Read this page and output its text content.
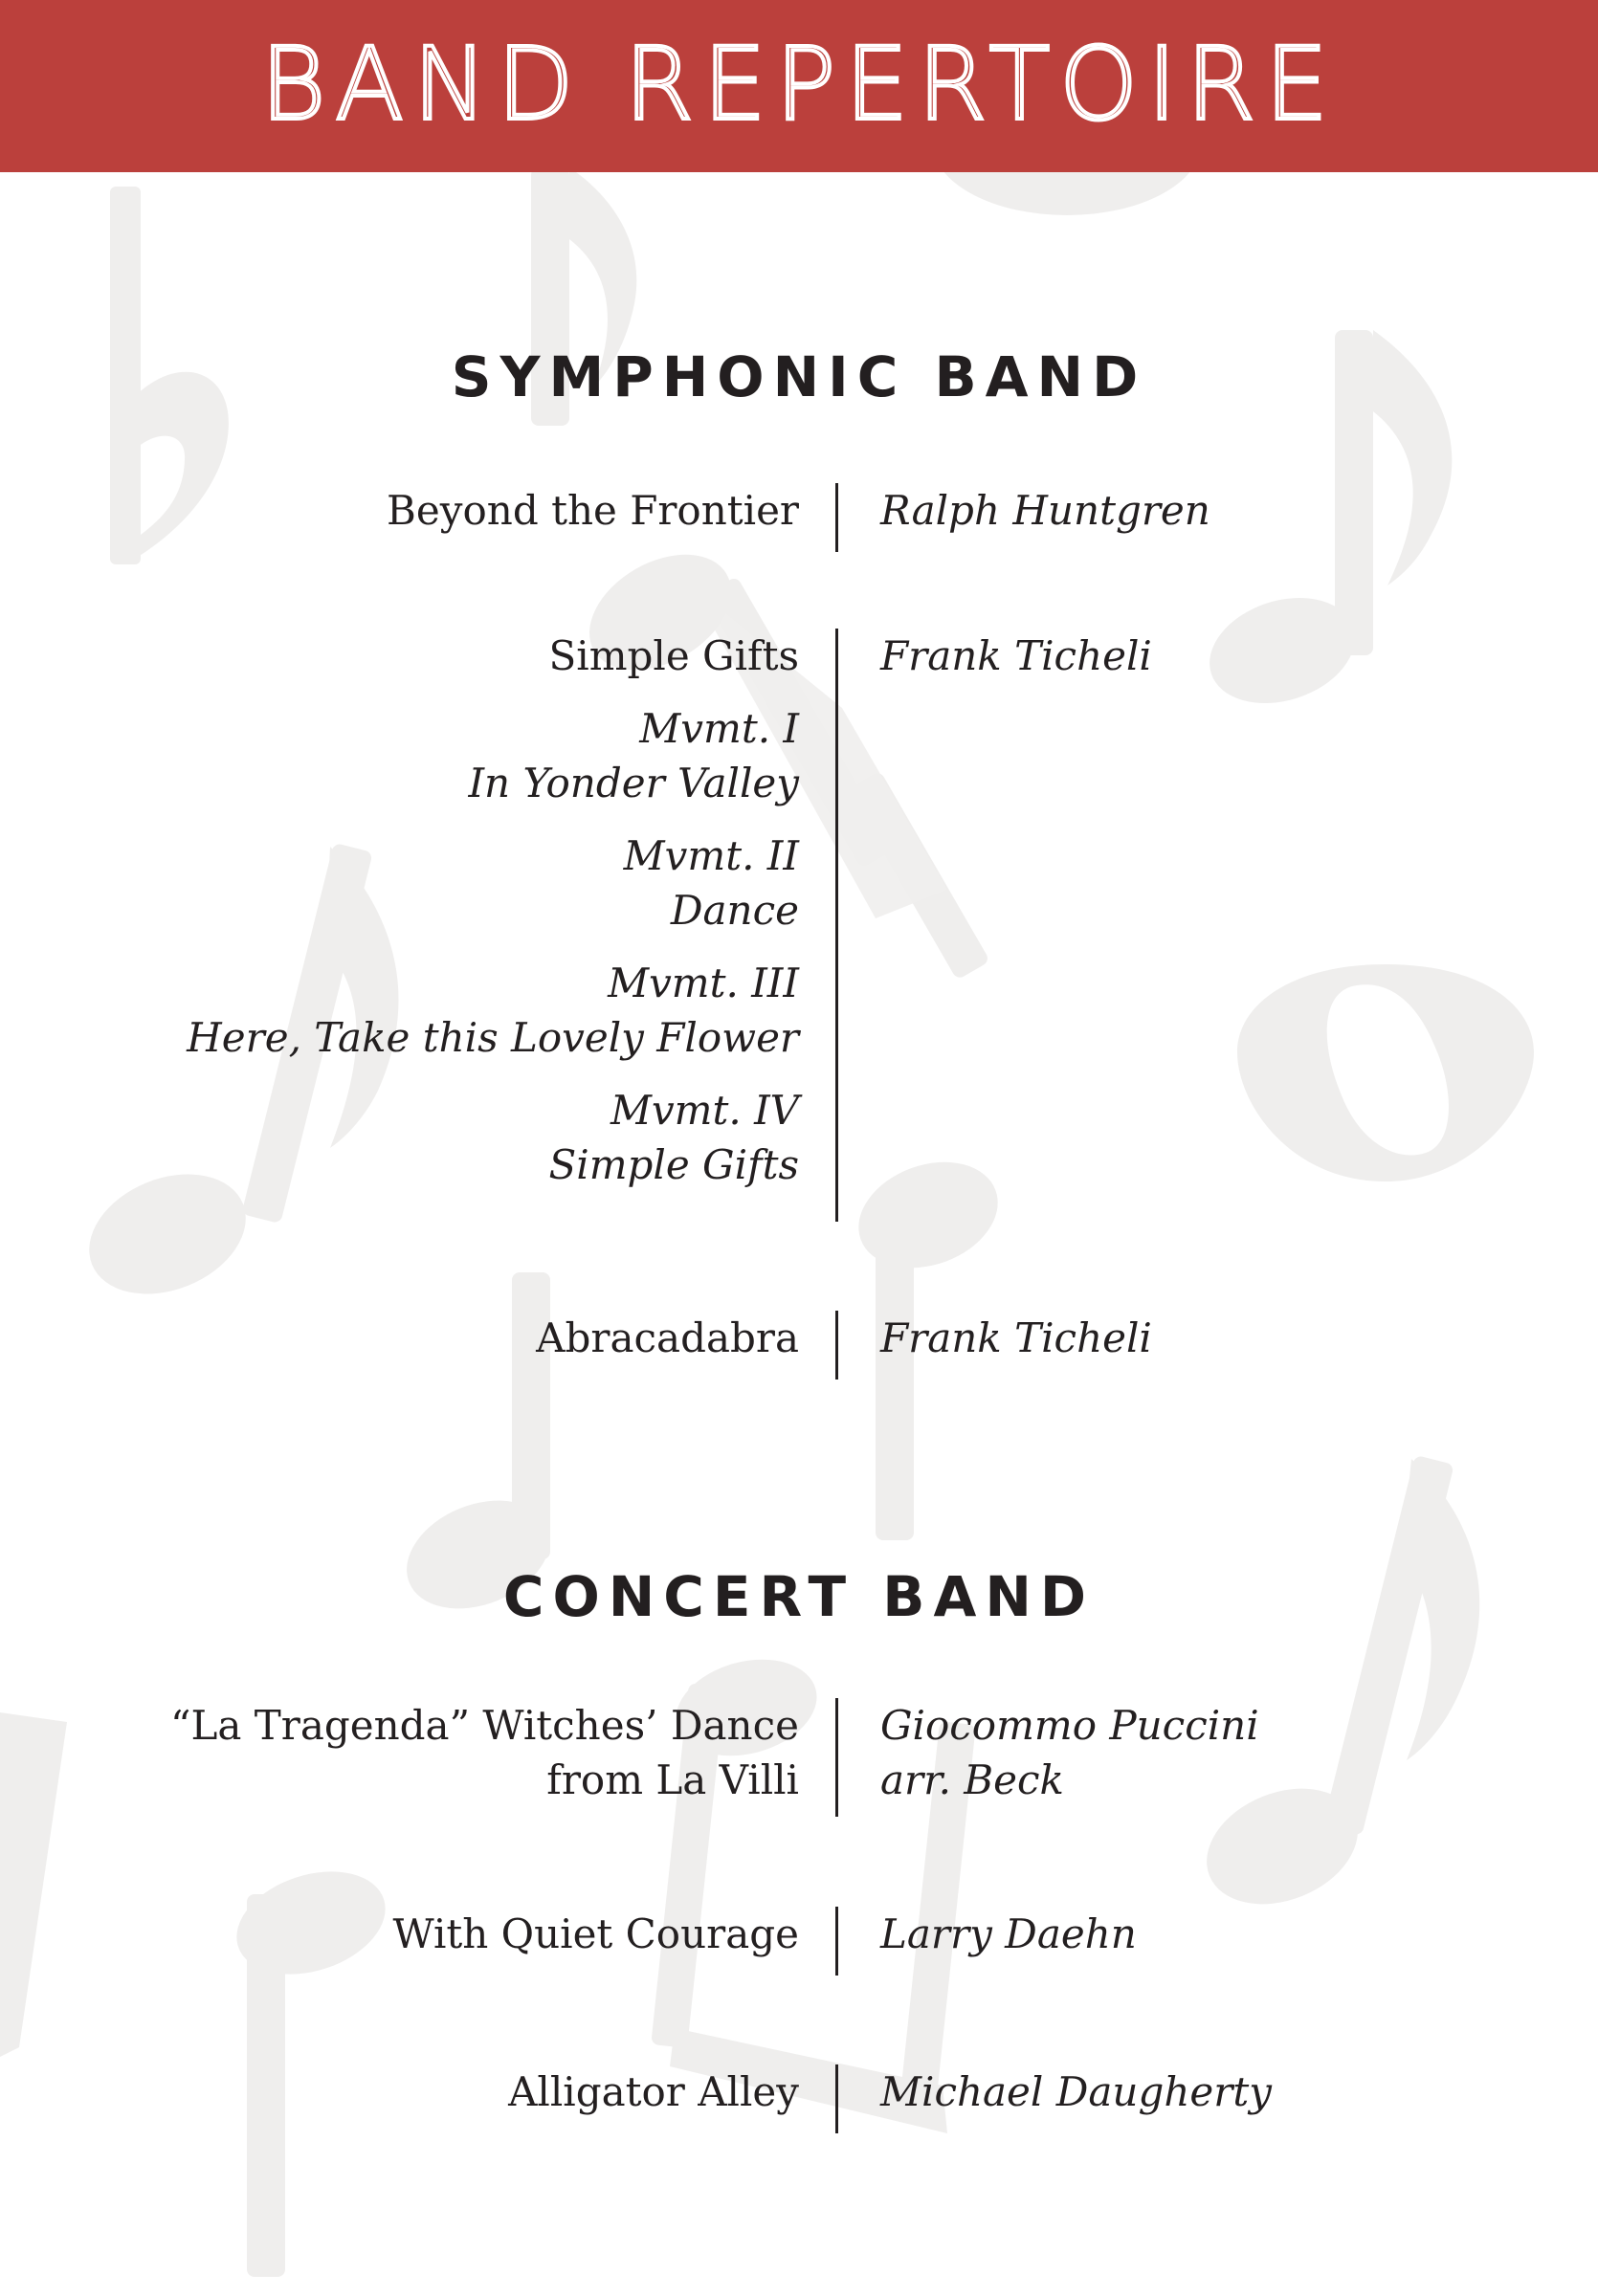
BAND REPERTOIRE
SYMPHONIC BAND
Beyond the Frontier Ralph Huntgren
Simple Gifts
Mvmt. I
In Yonder Valley
Mvmt. II
Dance
Mvmt. III
Here, Take this Lovely Flower
Mvmt. IV
Simple Gifts
Frank Ticheli
Abracadabra Frank Ticheli
CONCERT BAND
“La Tragenda” Witches’ Dance
from La Villi
Giocommo Puccini
arr. Beck
With Quiet Courage Larry Daehn
Alligator Alley Michael Daugherty
